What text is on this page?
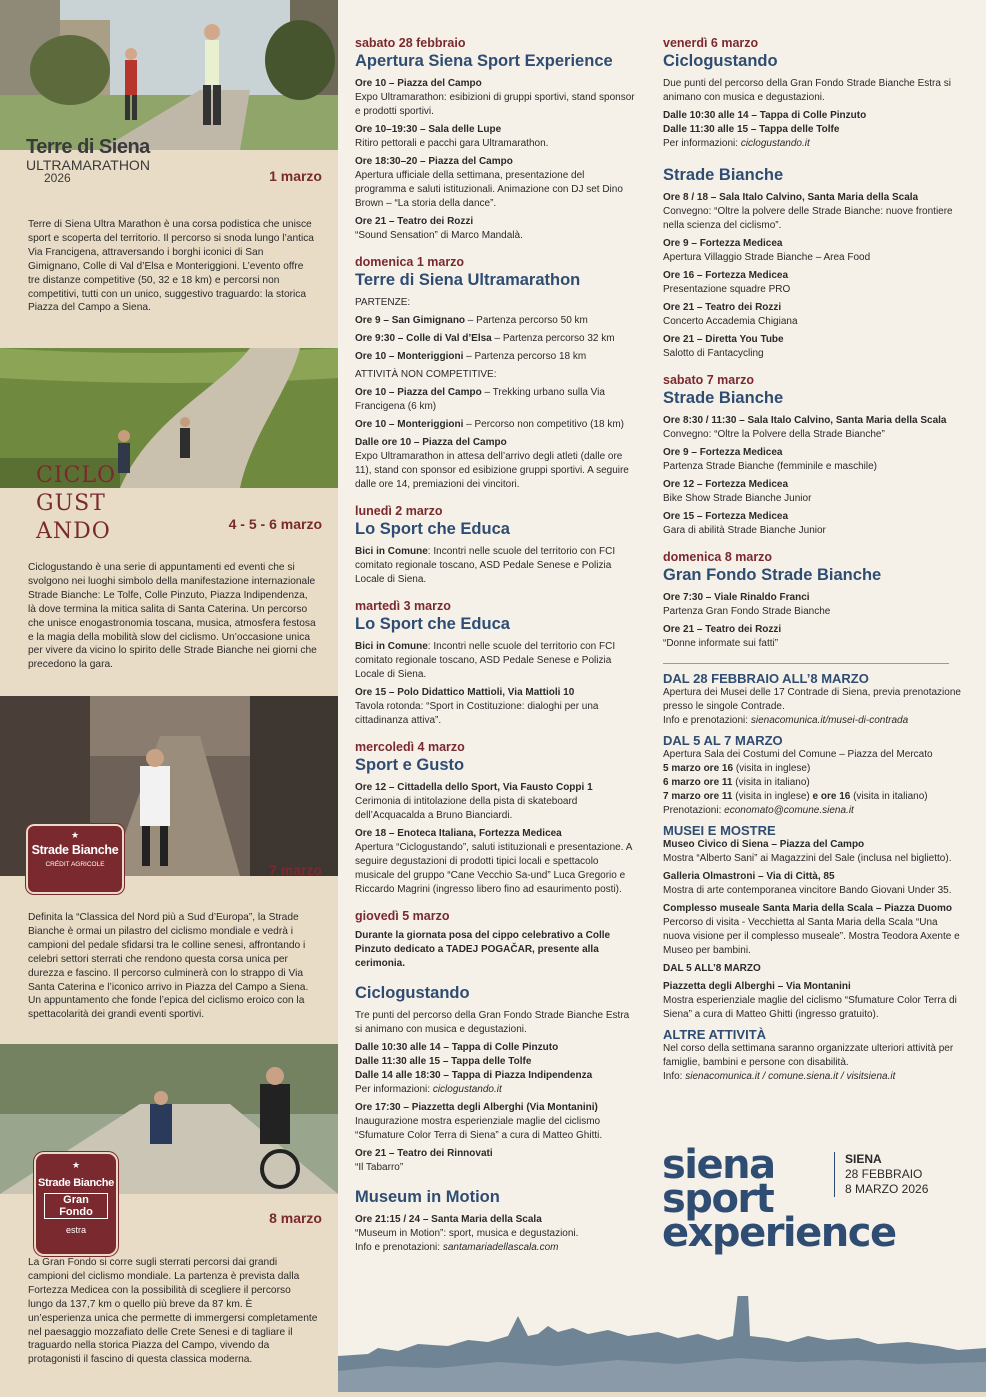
Terre di Siena
ULTRAMARATHON
2026	1 marzo
Terre di Siena Ultra Marathon è una corsa podistica che unisce sport e scoperta del territorio. Il percorso si snoda lungo l’antica Via Francigena, attraversando i borghi iconici di San Gimignano, Colle di Val d’Elsa e Monteriggioni. L’evento offre tre distanze competitive (50, 32 e 18 km) e percorsi non competitivi, tutti con un unico, suggestivo traguardo: la storica Piazza del Campo a Siena.
CICLO
GUST
ANDO	4 - 5 - 6 marzo
Ciclogustando è una serie di appuntamenti ed eventi che si svolgono nei luoghi simbolo della manifestazione internazionale Strade Bianche: Le Tolfe, Colle Pinzuto, Piazza Indipendenza, là dove termina la mitica salita di Santa Caterina. Un percorso che unisce enogastronomia toscana, musica, atmosfera festosa e la magia della mobilità slow del ciclismo. Un’occasione unica per vivere da vicino lo spirito delle Strade Bianche nei giorni che precedono la gara.
★
Strade Bianche
CRÉDIT AGRICOLE	7 marzo
Definita la “Classica del Nord più a Sud d’Europa”, la Strade Bianche è ormai un pilastro del ciclismo mondiale e vedrà i campioni del pedale sfidarsi tra le colline senesi, affrontando i celebri settori sterrati che rendono questa corsa unica per durezza e fascino. Il percorso culminerà con lo strappo di Via Santa Caterina e l’iconico arrivo in Piazza del Campo a Siena. Un appuntamento che fonde l’epica del ciclismo eroico con la spettacolarità dei grandi eventi sportivi.
★
Strade Bianche
Gran Fondo
estra
8 marzo
La Gran Fondo si corre sugli sterrati percorsi dai grandi campioni del ciclismo mondiale. La partenza è prevista dalla Fortezza Medicea con la possibilità di scegliere il percorso lungo da 137,7 km o quello più breve da 87 km. È un’esperienza unica che permette di immergersi completamente nel paesaggio mozzafiato delle Crete Senesi e di tagliare il traguardo nella storica Piazza del Campo, vivendo da protagonisti il fascino di questa classica moderna.
sabato 28 febbraio
Apertura Siena Sport Experience
Ore 10 – Piazza del Campo
Expo Ultramarathon: esibizioni di gruppi sportivi, stand sponsor e prodotti sportivi.
Ore 10–19:30 – Sala delle Lupe
Ritiro pettorali e pacchi gara Ultramarathon.
Ore 18:30–20 – Piazza del Campo
Apertura ufficiale della settimana, presentazione del programma e saluti istituzionali. Animazione con DJ set Dino Brown – “La storia della dance”.
Ore 21 – Teatro dei Rozzi
“Sound Sensation” di Marco Mandalà.
domenica 1 marzo
Terre di Siena Ultramarathon
PARTENZE:
Ore 9 – San Gimignano – Partenza percorso 50 km
Ore 9:30 – Colle di Val d’Elsa – Partenza percorso 32 km
Ore 10 – Monteriggioni – Partenza percorso 18 km
ATTIVITÀ NON COMPETITIVE:
Ore 10 – Piazza del Campo – Trekking urbano sulla Via Francigena (6 km)
Ore 10 – Monteriggioni – Percorso non competitivo (18 km)
Dalle ore 10 – Piazza del Campo
Expo Ultramarathon in attesa dell’arrivo degli atleti (dalle ore 11), stand con sponsor ed esibizione gruppi sportivi. A seguire dalle ore 14, premiazioni dei vincitori.
lunedì 2 marzo
Lo Sport che Educa
Bici in Comune: Incontri nelle scuole del territorio con FCI comitato regionale toscano, ASD Pedale Senese e Polizia Locale di Siena.
martedì 3 marzo
Lo Sport che Educa
Bici in Comune: Incontri nelle scuole del territorio con FCI comitato regionale toscano, ASD Pedale Senese e Polizia Locale di Siena.
Ore 15 – Polo Didattico Mattioli, Via Mattioli 10
Tavola rotonda: “Sport in Costituzione: dialoghi per una cittadinanza attiva”.
mercoledì 4 marzo
Sport e Gusto
Ore 12 – Cittadella dello Sport, Via Fausto Coppi 1
Cerimonia di intitolazione della pista di skateboard dell’Acquacalda a Bruno Bianciardi.
Ore 18 – Enoteca Italiana, Fortezza Medicea
Apertura “Ciclogustando”, saluti istituzionali e presentazione. A seguire degustazioni di prodotti tipici locali e spettacolo musicale del gruppo “Cane Vecchio Sa-und” Luca Gregorio e Riccardo Magrini (ingresso libero fino ad esaurimento posti).
giovedì 5 marzo
Durante la giornata posa del cippo celebrativo a Colle Pinzuto dedicato a TADEJ POGAČAR, presente alla cerimonia.
Ciclogustando
Tre punti del percorso della Gran Fondo Strade Bianche Estra si animano con musica e degustazioni.
Dalle 10:30 alle 14 – Tappa di Colle Pinzuto
Dalle 11:30 alle 15 – Tappa delle Tolfe
Dalle 14 alle 18:30 – Tappa di Piazza Indipendenza
Per informazioni: ciclogustando.it
Ore 17:30 – Piazzetta degli Alberghi (Via Montanini)
Inaugurazione mostra esperienziale maglie del ciclismo “Sfumature Color Terra di Siena” a cura di Matteo Ghitti.
Ore 21 – Teatro dei Rinnovati
“Il Tabarro”
Museum in Motion
Ore 21:15 / 24 – Santa Maria della Scala
“Museum in Motion”: sport, musica e degustazioni.
Info e prenotazioni: santamariadellascala.com
venerdì 6 marzo
Ciclogustando
Due punti del percorso della Gran Fondo Strade Bianche Estra si animano con musica e degustazioni.
Dalle 10:30 alle 14 – Tappa di Colle Pinzuto
Dalle 11:30 alle 15 – Tappa delle Tolfe
Per informazioni: ciclogustando.it
Strade Bianche
Ore 8 / 18 – Sala Italo Calvino, Santa Maria della Scala
Convegno: “Oltre la polvere delle Strade Bianche: nuove frontiere nella scienza del ciclismo”.
Ore 9 – Fortezza Medicea
Apertura Villaggio Strade Bianche – Area Food
Ore 16 – Fortezza Medicea
Presentazione squadre PRO
Ore 21 – Teatro dei Rozzi
Concerto Accademia Chigiana
Ore 21 – Diretta You Tube
Salotto di Fantacycling
sabato 7 marzo
Strade Bianche
Ore 8:30 / 11:30 – Sala Italo Calvino, Santa Maria della Scala
Convegno: “Oltre la Polvere della Strade Bianche”
Ore 9 – Fortezza Medicea
Partenza Strade Bianche (femminile e maschile)
Ore 12 – Fortezza Medicea
Bike Show Strade Bianche Junior
Ore 15 – Fortezza Medicea
Gara di abilità Strade Bianche Junior
domenica 8 marzo
Gran Fondo Strade Bianche
Ore 7:30 – Viale Rinaldo Franci
Partenza Gran Fondo Strade Bianche
Ore 21 – Teatro dei Rozzi
“Donne informate sui fatti”
DAL 28 FEBBRAIO ALL’8 MARZO
Apertura dei Musei delle 17 Contrade di Siena, previa prenotazione presso le singole Contrade.
Info e prenotazioni: sienacomunica.it/musei-di-contrada
DAL 5 AL 7 MARZO
Apertura Sala dei Costumi del Comune – Piazza del Mercato
5 marzo ore 16 (visita in inglese)
6 marzo ore 11 (visita in italiano)
7 marzo ore 11 (visita in inglese) e ore 16 (visita in italiano)
Prenotazioni: economato@comune.siena.it
MUSEI E MOSTRE
Museo Civico di Siena – Piazza del Campo
Mostra “Alberto Sani” ai Magazzini del Sale (inclusa nel biglietto).
Galleria Olmastroni – Via di Città, 85
Mostra di arte contemporanea vincitore Bando Giovani Under 35.
Complesso museale Santa Maria della Scala – Piazza Duomo
Percorso di visita - Vecchietta al Santa Maria della Scala “Una nuova visione per il complesso museale”. Mostra Teodora Axente e Museo per bambini.
DAL 5 ALL’8 MARZO
Piazzetta degli Alberghi – Via Montanini
Mostra esperienziale maglie del ciclismo “Sfumature Color Terra di Siena” a cura di Matteo Ghitti (ingresso gratuito).
ALTRE ATTIVITÀ
Nel corso della settimana saranno organizzate ulteriori attività per famiglie, bambini e persone con disabilità.
Info: sienacomunica.it / comune.siena.it / visitsiena.it
siena
sport
experience
SIENA
28 FEBBRAIO
8 MARZO 2026
